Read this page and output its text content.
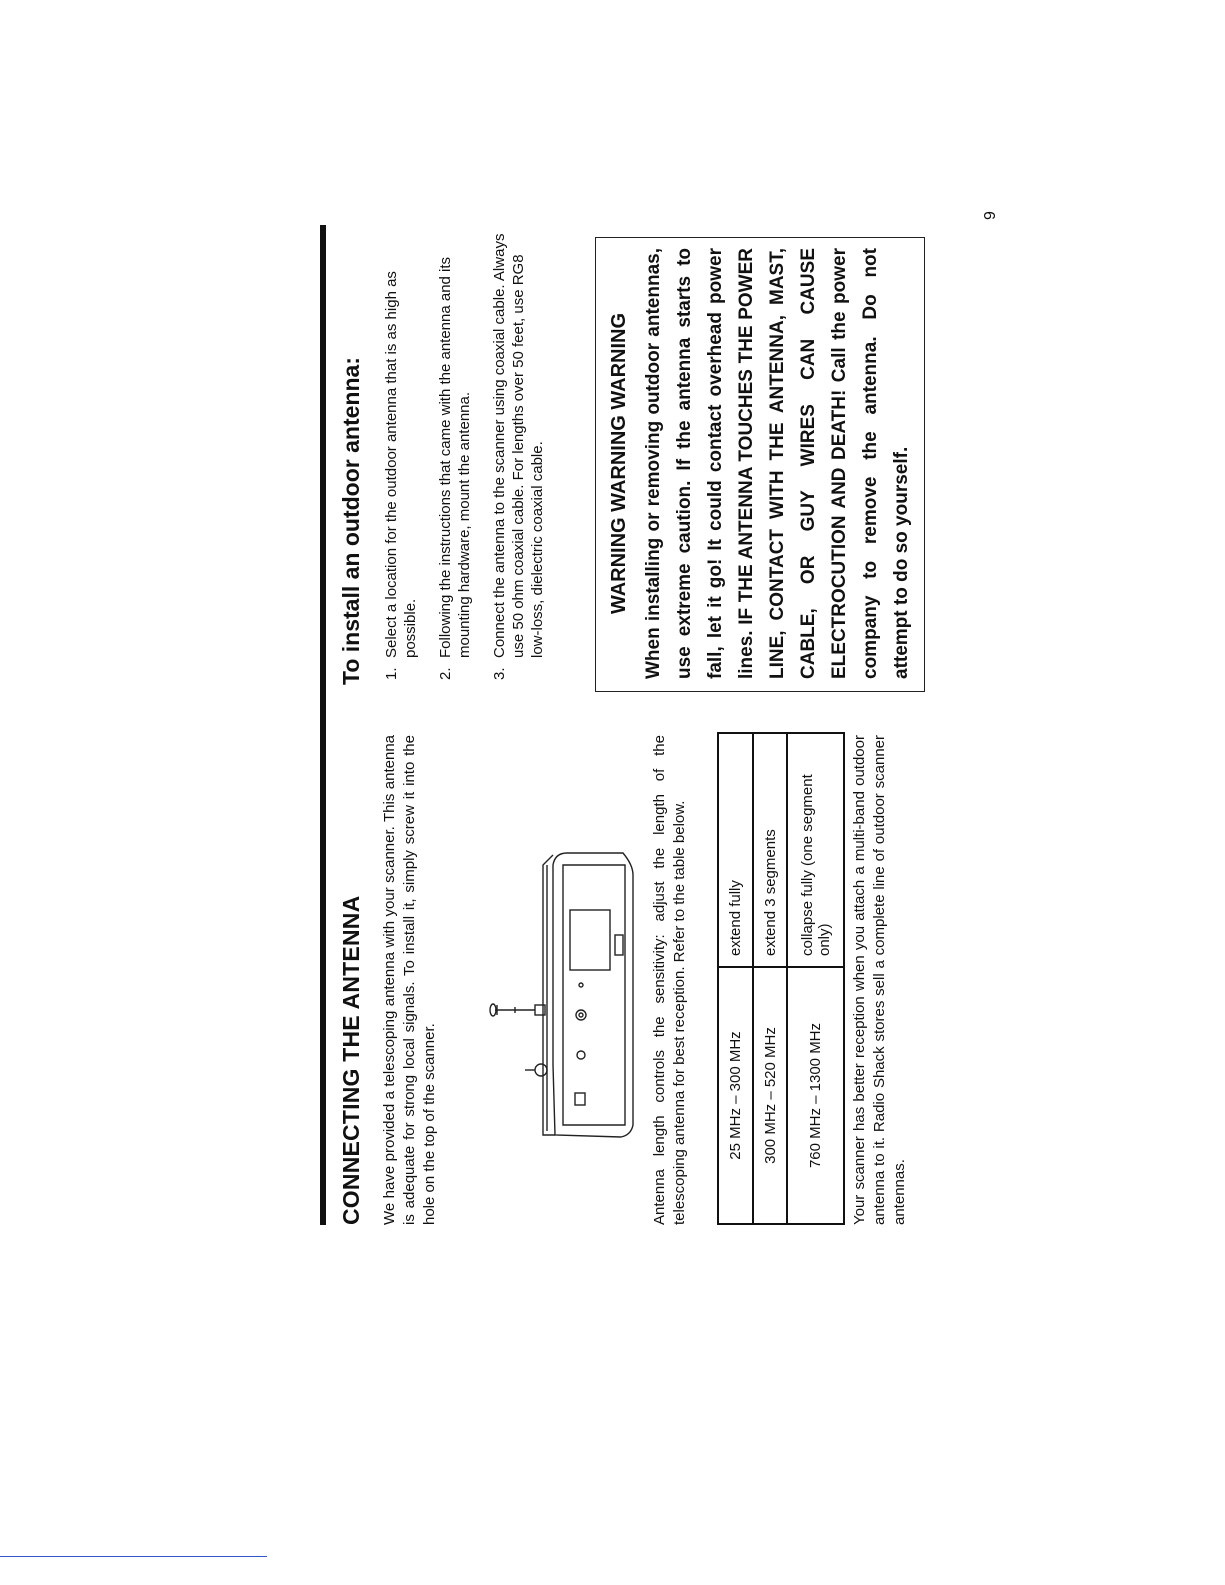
CONNECTING THE ANTENNA We have provided a telescoping antenna with your scanner. This antenna is adequate for strong local signals. To install it, simply screw it into the hole on the top of the scanner.	Antenna length controls the sensitivity: adjust the length of the telescoping antenna for best reception. Refer to the table below.	25 MHz – 300 MHz	extend fully
300 MHz – 520 MHz	extend 3 segments
760 MHz – 1300 MHz	collapse fully (one segment only) Your scanner has better reception when you attach a multi-band outdoor antenna to it. Radio Shack stores sell a complete line of outdoor scanner antennas.
To install an outdoor antenna: 1.
Select a location for the outdoor antenna that is as high as possible.
2.
Following the instructions that came with the antenna and its mounting hardware, mount the antenna.
3.
Connect the antenna to the scanner using coaxial cable. Always use 50 ohm coaxial cable. For lengths over 50 feet, use RG8 low-loss, dielectric coaxial cable.	WARNING WARNING WARNING When installing or removing outdoor antennas, use extreme caution. If the antenna starts to fall, let it go! It could contact overhead power lines. IF THE ANTENNA TOUCHES THE POWER LINE, CONTACT WITH THE ANTENNA, MAST, CABLE, OR GUY WIRES CAN CAUSE ELECTROCUTION AND DEATH! Call the power company to remove the antenna. Do not attempt to do so yourself.
9
